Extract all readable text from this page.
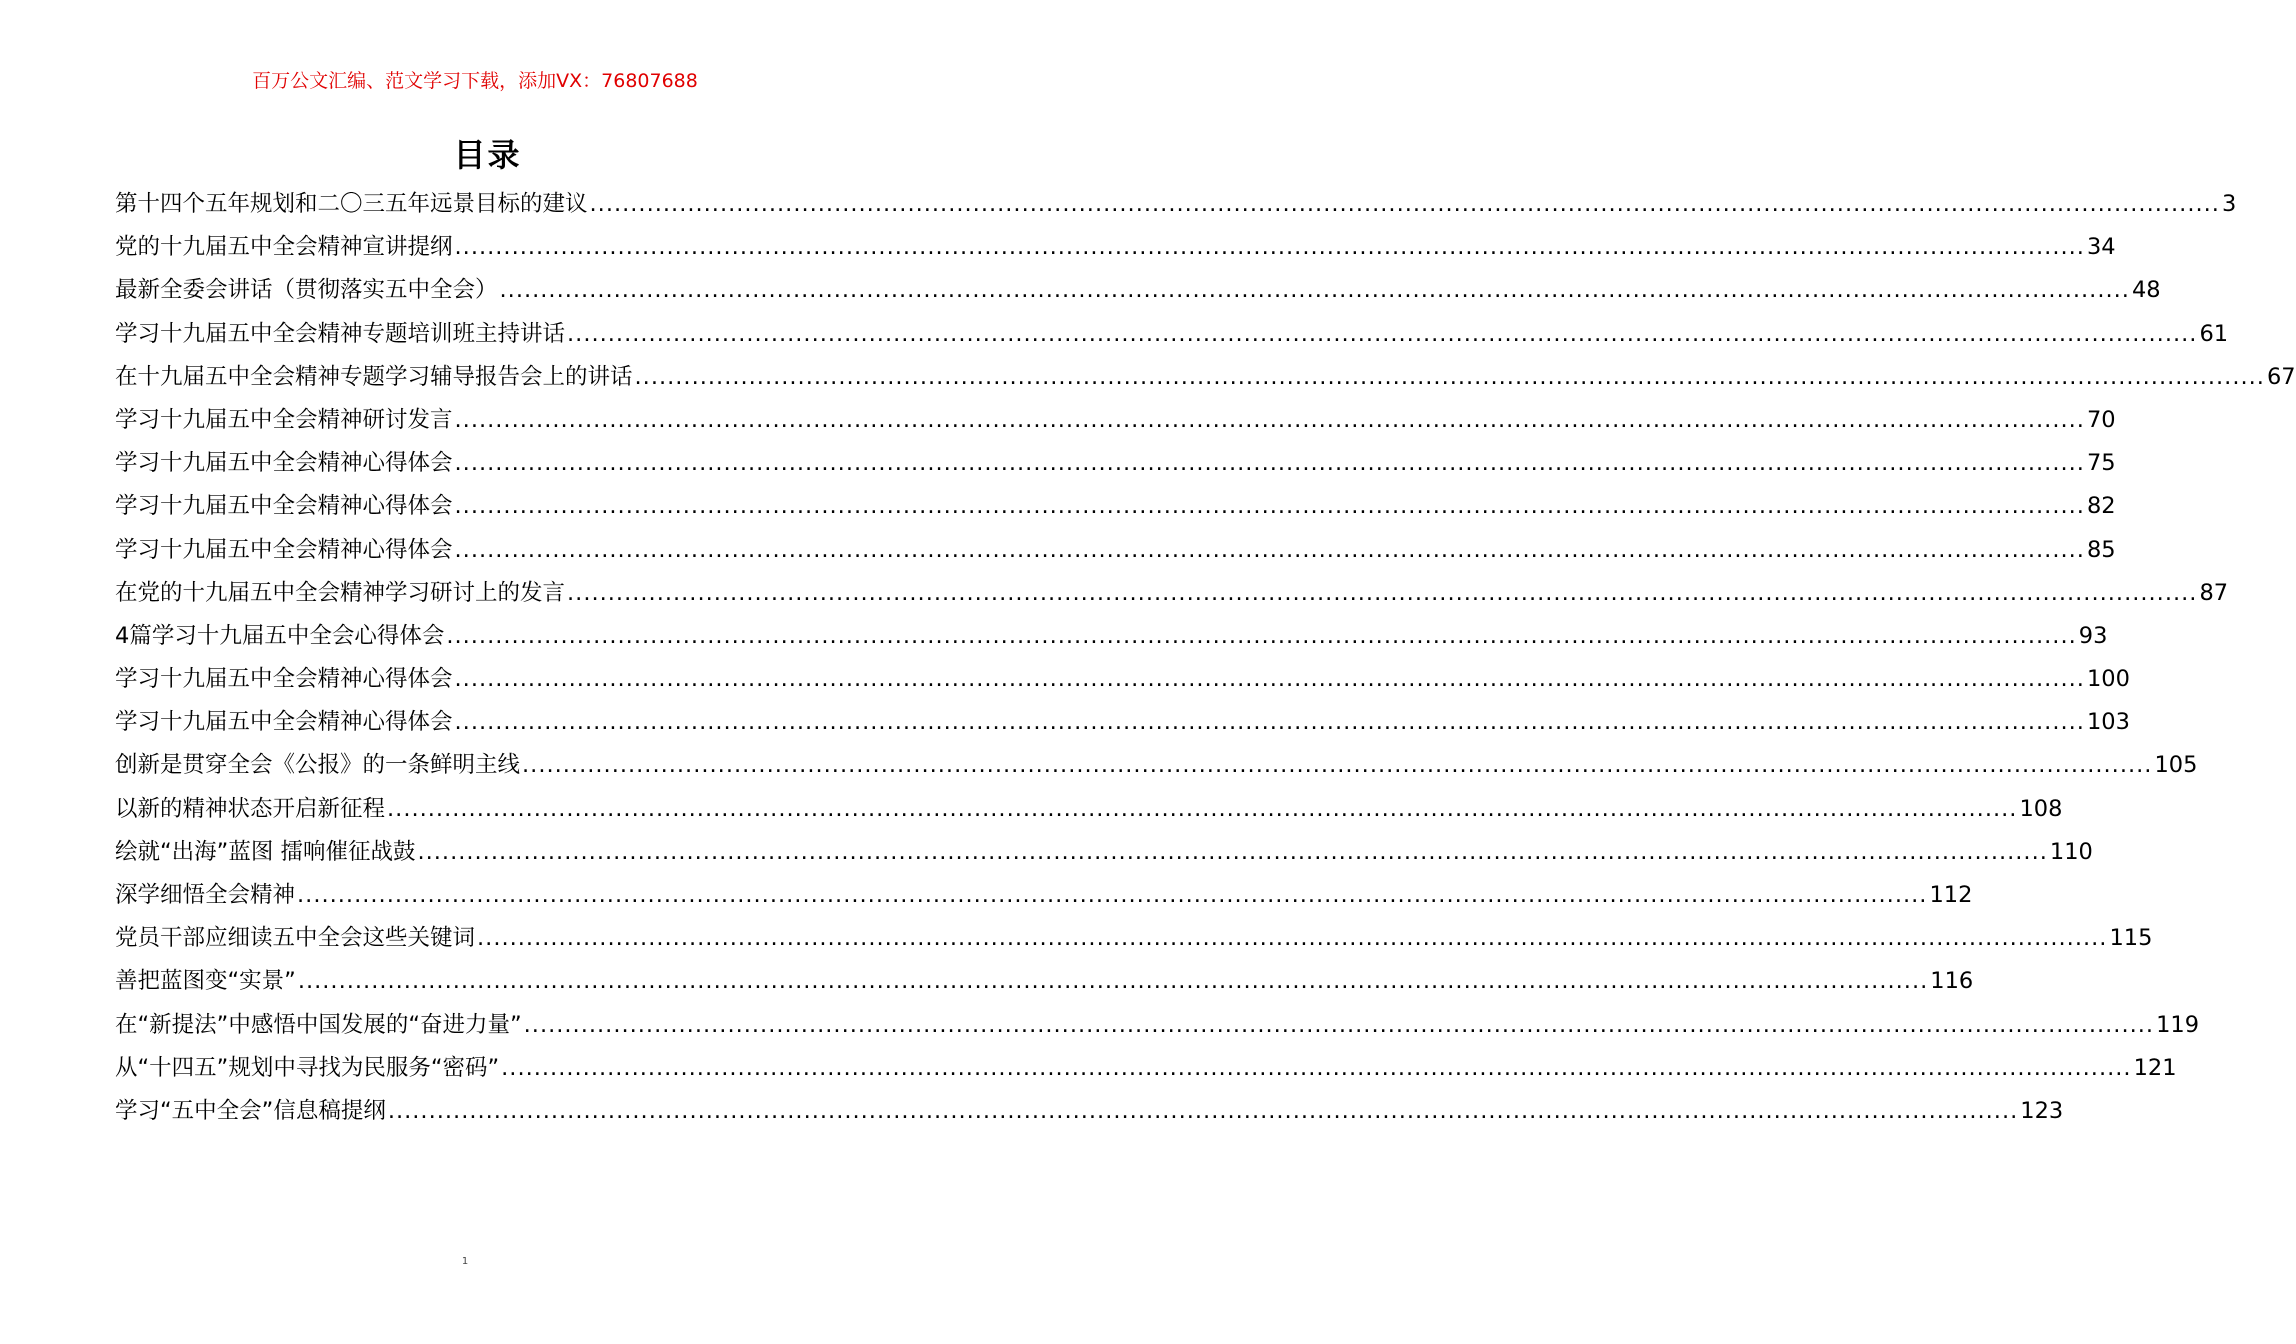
百万公文汇编、范文学习下载，添加VX：76807688
目录
第十四个五年规划和二〇三五年远景目标的建议 ........................................................................................................................................................................................................ 3
党的十九届五中全会精神宣讲提纲 ........................................................................................................................................................................................................ 34
最新全委会讲话（贯彻落实五中全会） ........................................................................................................................................................................................................ 48
学习十九届五中全会精神专题培训班主持讲话 ........................................................................................................................................................................................................ 61
在十九届五中全会精神专题学习辅导报告会上的讲话 ........................................................................................................................................................................................................ 67
学习十九届五中全会精神研讨发言 ........................................................................................................................................................................................................ 70
学习十九届五中全会精神心得体会 ........................................................................................................................................................................................................ 75
学习十九届五中全会精神心得体会 ........................................................................................................................................................................................................ 82
学习十九届五中全会精神心得体会 ........................................................................................................................................................................................................ 85
在党的十九届五中全会精神学习研讨上的发言 ........................................................................................................................................................................................................ 87
4篇学习十九届五中全会心得体会 ........................................................................................................................................................................................................ 93
学习十九届五中全会精神心得体会 ........................................................................................................................................................................................................ 100
学习十九届五中全会精神心得体会 ........................................................................................................................................................................................................ 103
创新是贯穿全会《公报》的一条鲜明主线 ........................................................................................................................................................................................................ 105
以新的精神状态开启新征程 ........................................................................................................................................................................................................ 108
绘就“出海”蓝图 擂响催征战鼓 ........................................................................................................................................................................................................ 110
深学细悟全会精神 ........................................................................................................................................................................................................ 112
党员干部应细读五中全会这些关键词 ........................................................................................................................................................................................................ 115
善把蓝图变“实景” ........................................................................................................................................................................................................ 116
在“新提法”中感悟中国发展的“奋进力量” ........................................................................................................................................................................................................ 119
从“十四五”规划中寻找为民服务“密码” ........................................................................................................................................................................................................ 121
学习“五中全会”信息稿提纲 ........................................................................................................................................................................................................ 123
1
